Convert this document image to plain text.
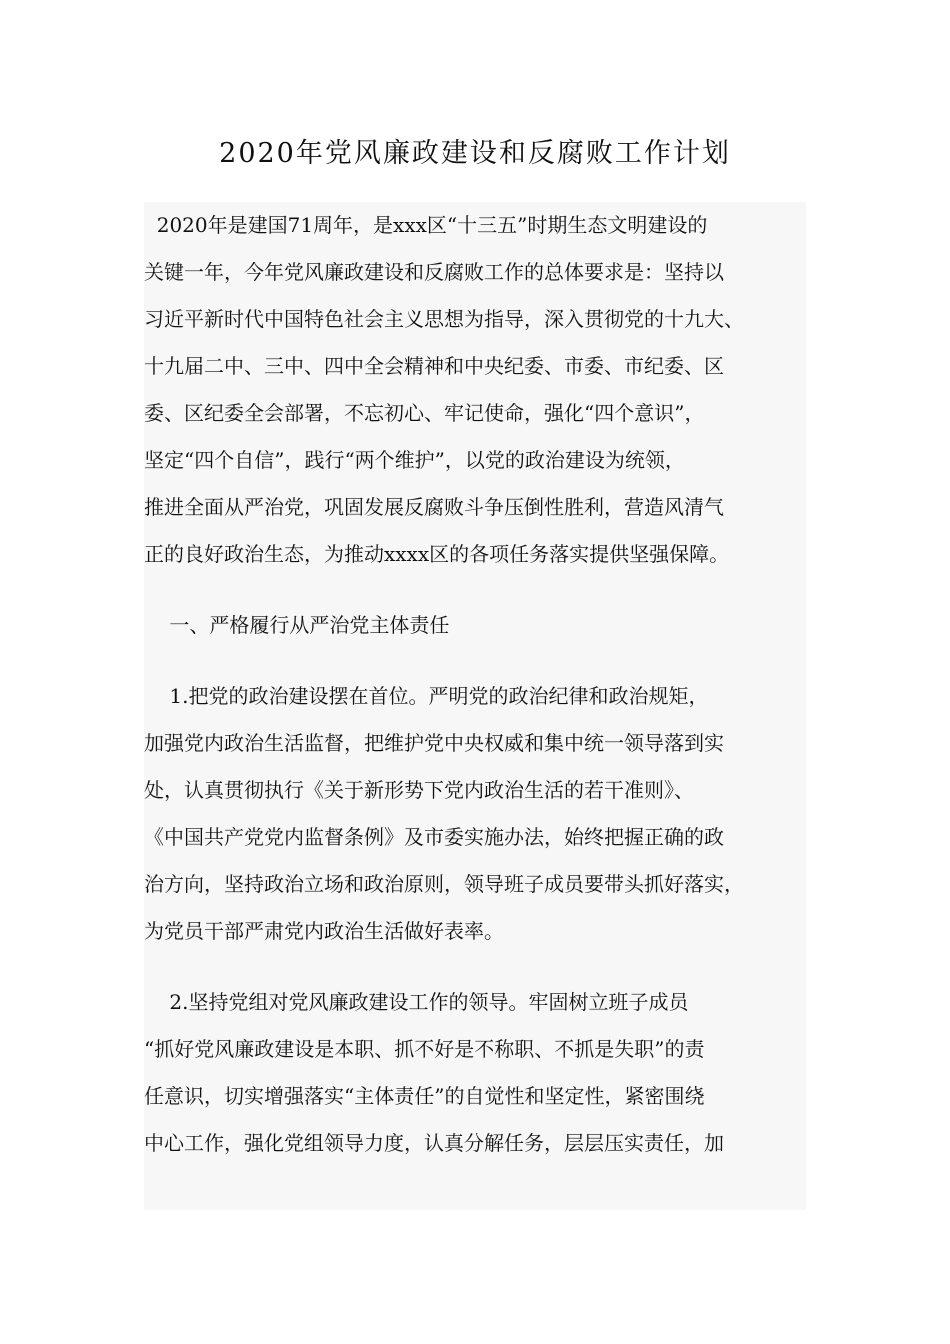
2020年党风廉政建设和反腐败工作计划
2020年是建国71周年，是xxx区“十三五”时期生态文明建设的
关键一年，今年党风廉政建设和反腐败工作的总体要求是：坚持以
习近平新时代中国特色社会主义思想为指导，深入贯彻党的十九大、
十九届二中、三中、四中全会精神和中央纪委、市委、市纪委、区
委、区纪委全会部署，不忘初心、牢记使命，强化“四个意识”，
坚定“四个自信”，践行“两个维护”，以党的政治建设为统领，
推进全面从严治党，巩固发展反腐败斗争压倒性胜利，营造风清气
正的良好政治生态，为推动xxxx区的各项任务落实提供坚强保障。
一、严格履行从严治党主体责任
1.把党的政治建设摆在首位。严明党的政治纪律和政治规矩，
加强党内政治生活监督，把维护党中央权威和集中统一领导落到实
处，认真贯彻执行《关于新形势下党内政治生活的若干准则》、
《中国共产党党内监督条例》及市委实施办法，始终把握正确的政
治方向，坚持政治立场和政治原则，领导班子成员要带头抓好落实，
为党员干部严肃党内政治生活做好表率。
2.坚持党组对党风廉政建设工作的领导。牢固树立班子成员
“抓好党风廉政建设是本职、抓不好是不称职、不抓是失职”的责
任意识，切实增强落实“主体责任”的自觉性和坚定性，紧密围绕
中心工作，强化党组领导力度，认真分解任务，层层压实责任，加
